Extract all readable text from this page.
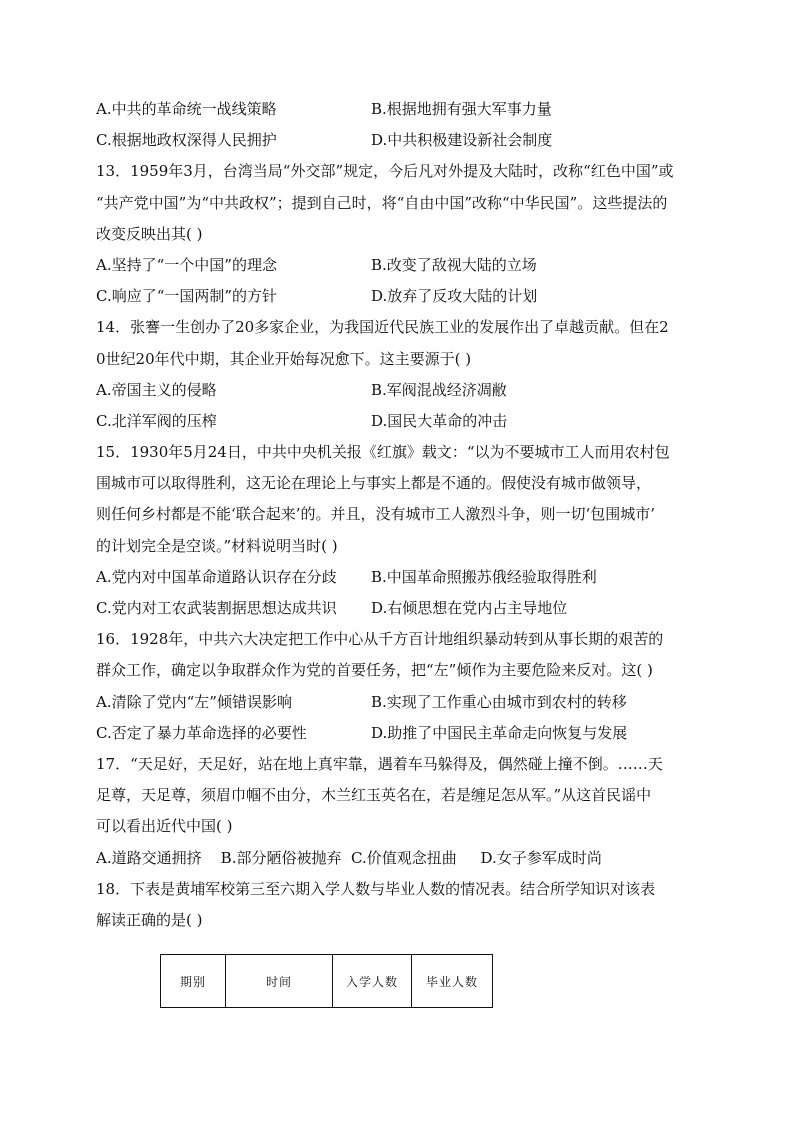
A.中共的革命统一战线策略	B.根据地拥有强大军事力量
C.根据地政权深得人民拥护	D.中共积极建设新社会制度
13．1959年3月，台湾当局“外交部”规定，今后凡对外提及大陆时，改称“红色中国”或
“共产党中国”为“中共政权”；提到自己时，将“自由中国”改称“中华民国”。这些提法的
改变反映出其( )
A.坚持了“一个中国”的理念	B.改变了敌视大陆的立场
C.响应了“一国两制”的方针	D.放弃了反攻大陆的计划
14．张謇一生创办了20多家企业，为我国近代民族工业的发展作出了卓越贡献。但在2
0世纪20年代中期，其企业开始每况愈下。这主要源于( )
A.帝国主义的侵略	B.军阀混战经济凋敝
C.北洋军阀的压榨	D.国民大革命的冲击
15．1930年5月24日，中共中央机关报《红旗》载文：“以为不要城市工人而用农村包
围城市可以取得胜利，这无论在理论上与事实上都是不通的。假使没有城市做领导，
则任何乡村都是不能‘联合起来’的。并且，没有城市工人激烈斗争，则一切‘包围城市’
的计划完全是空谈。”材料说明当时( )
A.党内对中国革命道路认识存在分歧 B.中国革命照搬苏俄经验取得胜利
C.党内对工农武装割据思想达成共识 D.右倾思想在党内占主导地位
16．1928年，中共六大决定把工作中心从千方百计地组织暴动转到从事长期的艰苦的
群众工作，确定以争取群众作为党的首要任务，把“左”倾作为主要危险来反对。这( )
A.清除了党内“左”倾错误影响	B.实现了工作重心由城市到农村的转移
C.否定了暴力革命选择的必要性	D.助推了中国民主革命走向恢复与发展
17．“天足好，天足好，站在地上真牢靠，遇着车马躲得及，偶然碰上撞不倒。……天
足尊，天足尊，须眉巾帼不由分，木兰红玉英名在，若是缠足怎从军。”从这首民谣中
可以看出近代中国( )
A.道路交通拥挤    B.部分陋俗被抛弃  C.价值观念扭曲     D.女子参军成时尚
18．下表是黄埔军校第三至六期入学人数与毕业人数的情况表。结合所学知识对该表
解读正确的是( )
期别	时间	入学人数	毕业人数
